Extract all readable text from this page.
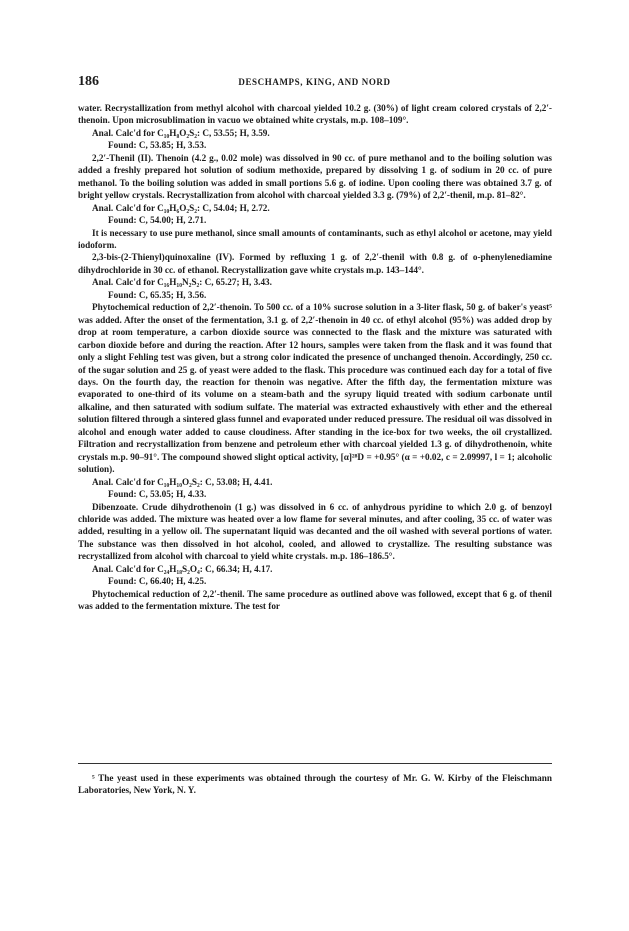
186	DESCHAMPS, KING, AND NORD

water. Recrystallization from methyl alcohol with charcoal yielded 10.2 g. (30%) of light cream colored crystals of 2,2′-thenoin. Upon microsublimation in vacuo we obtained white crystals, m.p. 108–109°.

Anal. Calc'd for C₁₀H₈O₂S₂: C, 53.55; H, 3.59.

Found: C, 53.85; H, 3.53.

2,2′-Thenil (II). Thenoin (4.2 g., 0.02 mole) was dissolved in 90 cc. of pure methanol and to the boiling solution was added a freshly prepared hot solution of sodium methoxide, prepared by dissolving 1 g. of sodium in 20 cc. of pure methanol. To the boiling solution was added in small portions 5.6 g. of iodine. Upon cooling there was obtained 3.7 g. of bright yellow crystals. Recrystallization from alcohol with charcoal yielded 3.3 g. (79%) of 2,2′-thenil, m.p. 81–82°.

Anal. Calc'd for C₁₀H₆O₂S₂: C, 54.04; H, 2.72.

Found: C, 54.00; H, 2.71.

It is necessary to use pure methanol, since small amounts of contaminants, such as ethyl alcohol or acetone, may yield iodoform.

2,3-bis-(2-Thienyl)quinoxaline (IV). Formed by refluxing 1 g. of 2,2′-thenil with 0.8 g. of o-phenylenediamine dihydrochloride in 30 cc. of ethanol. Recrystallization gave white crystals m.p. 143–144°.

Anal. Calc'd for C₁₆H₁₀N₂S₂: C, 65.27; H, 3.43.

Found: C, 65.35; H, 3.56.

Phytochemical reduction of 2,2′-thenoin. To 500 cc. of a 10% sucrose solution in a 3-liter flask, 50 g. of baker's yeast⁵ was added. After the onset of the fermentation, 3.1 g. of 2,2′-thenoin in 40 cc. of ethyl alcohol (95%) was added drop by drop at room temperature, a carbon dioxide source was connected to the flask and the mixture was saturated with carbon dioxide before and during the reaction. After 12 hours, samples were taken from the flask and it was found that only a slight Fehling test was given, but a strong color indicated the presence of unchanged thenoin. Accordingly, 250 cc. of the sugar solution and 25 g. of yeast were added to the flask. This procedure was continued each day for a total of five days. On the fourth day, the reaction for thenoin was negative. After the fifth day, the fermentation mixture was evaporated to one-third of its volume on a steam-bath and the syrupy liquid treated with sodium carbonate until alkaline, and then saturated with sodium sulfate. The material was extracted exhaustively with ether and the ethereal solution filtered through a sintered glass funnel and evaporated under reduced pressure. The residual oil was dissolved in alcohol and enough water added to cause cloudiness. After standing in the ice-box for two weeks, the oil crystallized. Filtration and recrystallization from benzene and petroleum ether with charcoal yielded 1.3 g. of dihydrothenoin, white crystals m.p. 90–91°. The compound showed slight optical activity, [α]²⁸D = +0.95° (α = +0.02, c = 2.09997, l = 1; alcoholic solution).

Anal. Calc'd for C₁₀H₁₀O₂S₂: C, 53.08; H, 4.41.

Found: C, 53.05; H, 4.33.

Dibenzoate. Crude dihydrothenoin (1 g.) was dissolved in 6 cc. of anhydrous pyridine to which 2.0 g. of benzoyl chloride was added. The mixture was heated over a low flame for several minutes, and after cooling, 35 cc. of water was added, resulting in a yellow oil. The supernatant liquid was decanted and the oil washed with several portions of water. The substance was then dissolved in hot alcohol, cooled, and allowed to crystallize. The resulting substance was recrystallized from alcohol with charcoal to yield white crystals. m.p. 186–186.5°.

Anal. Calc'd for C₂₄H₁₈S₂O₄: C, 66.34; H, 4.17.

Found: C, 66.40; H, 4.25.

Phytochemical reduction of 2,2′-thenil. The same procedure as outlined above was followed, except that 6 g. of thenil was added to the fermentation mixture. The test for

⁵ The yeast used in these experiments was obtained through the courtesy of Mr. G. W. Kirby of the Fleischmann Laboratories, New York, N. Y.
